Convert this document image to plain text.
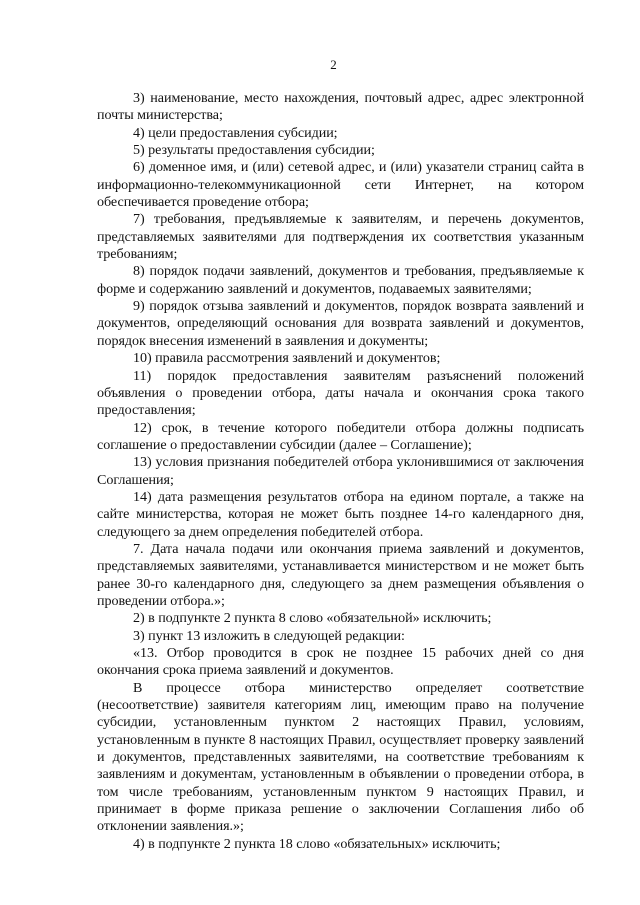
2

3) наименование, место нахождения, почтовый адрес, адрес электронной почты министерства;

4) цели предоставления субсидии;

5) результаты предоставления субсидии;

6) доменное имя, и (или) сетевой адрес, и (или) указатели страниц сайта в информационно-телекоммуникационной сети Интернет, на котором обеспечивается проведение отбора;

7) требования, предъявляемые к заявителям, и перечень документов, представляемых заявителями для подтверждения их соответствия указанным требованиям;

8) порядок подачи заявлений, документов и требования, предъявляемые к форме и содержанию заявлений и документов, подаваемых заявителями;

9) порядок отзыва заявлений и документов, порядок возврата заявлений и документов, определяющий основания для возврата заявлений и документов, порядок внесения изменений в заявления и документы;

10) правила рассмотрения заявлений и документов;

11) порядок предоставления заявителям разъяснений положений объявления о проведении отбора, даты начала и окончания срока такого предоставления;

12) срок, в течение которого победители отбора должны подписать соглашение о предоставлении субсидии (далее – Соглашение);

13) условия признания победителей отбора уклонившимися от заключения Соглашения;

14) дата размещения результатов отбора на едином портале, а также на сайте министерства, которая не может быть позднее 14-го календарного дня, следующего за днем определения победителей отбора.

7. Дата начала подачи или окончания приема заявлений и документов, представляемых заявителями, устанавливается министерством и не может быть ранее 30-го календарного дня, следующего за днем размещения объявления о проведении отбора.»;

2) в подпункте 2 пункта 8 слово «обязательной» исключить;

3) пункт 13 изложить в следующей редакции:

«13. Отбор проводится в срок не позднее 15 рабочих дней со дня окончания срока приема заявлений и документов.

В процессе отбора министерство определяет соответствие (несоответствие) заявителя категориям лиц, имеющим право на получение субсидии, установленным пунктом 2 настоящих Правил, условиям, установленным в пункте 8 настоящих Правил, осуществляет проверку заявлений и документов, представленных заявителями, на соответствие требованиям к заявлениям и документам, установленным в объявлении о проведении отбора, в том числе требованиям, установленным пунктом 9 настоящих Правил, и принимает в форме приказа решение о заключении Соглашения либо об отклонении заявления.»;

4) в подпункте 2 пункта 18 слово «обязательных» исключить;
